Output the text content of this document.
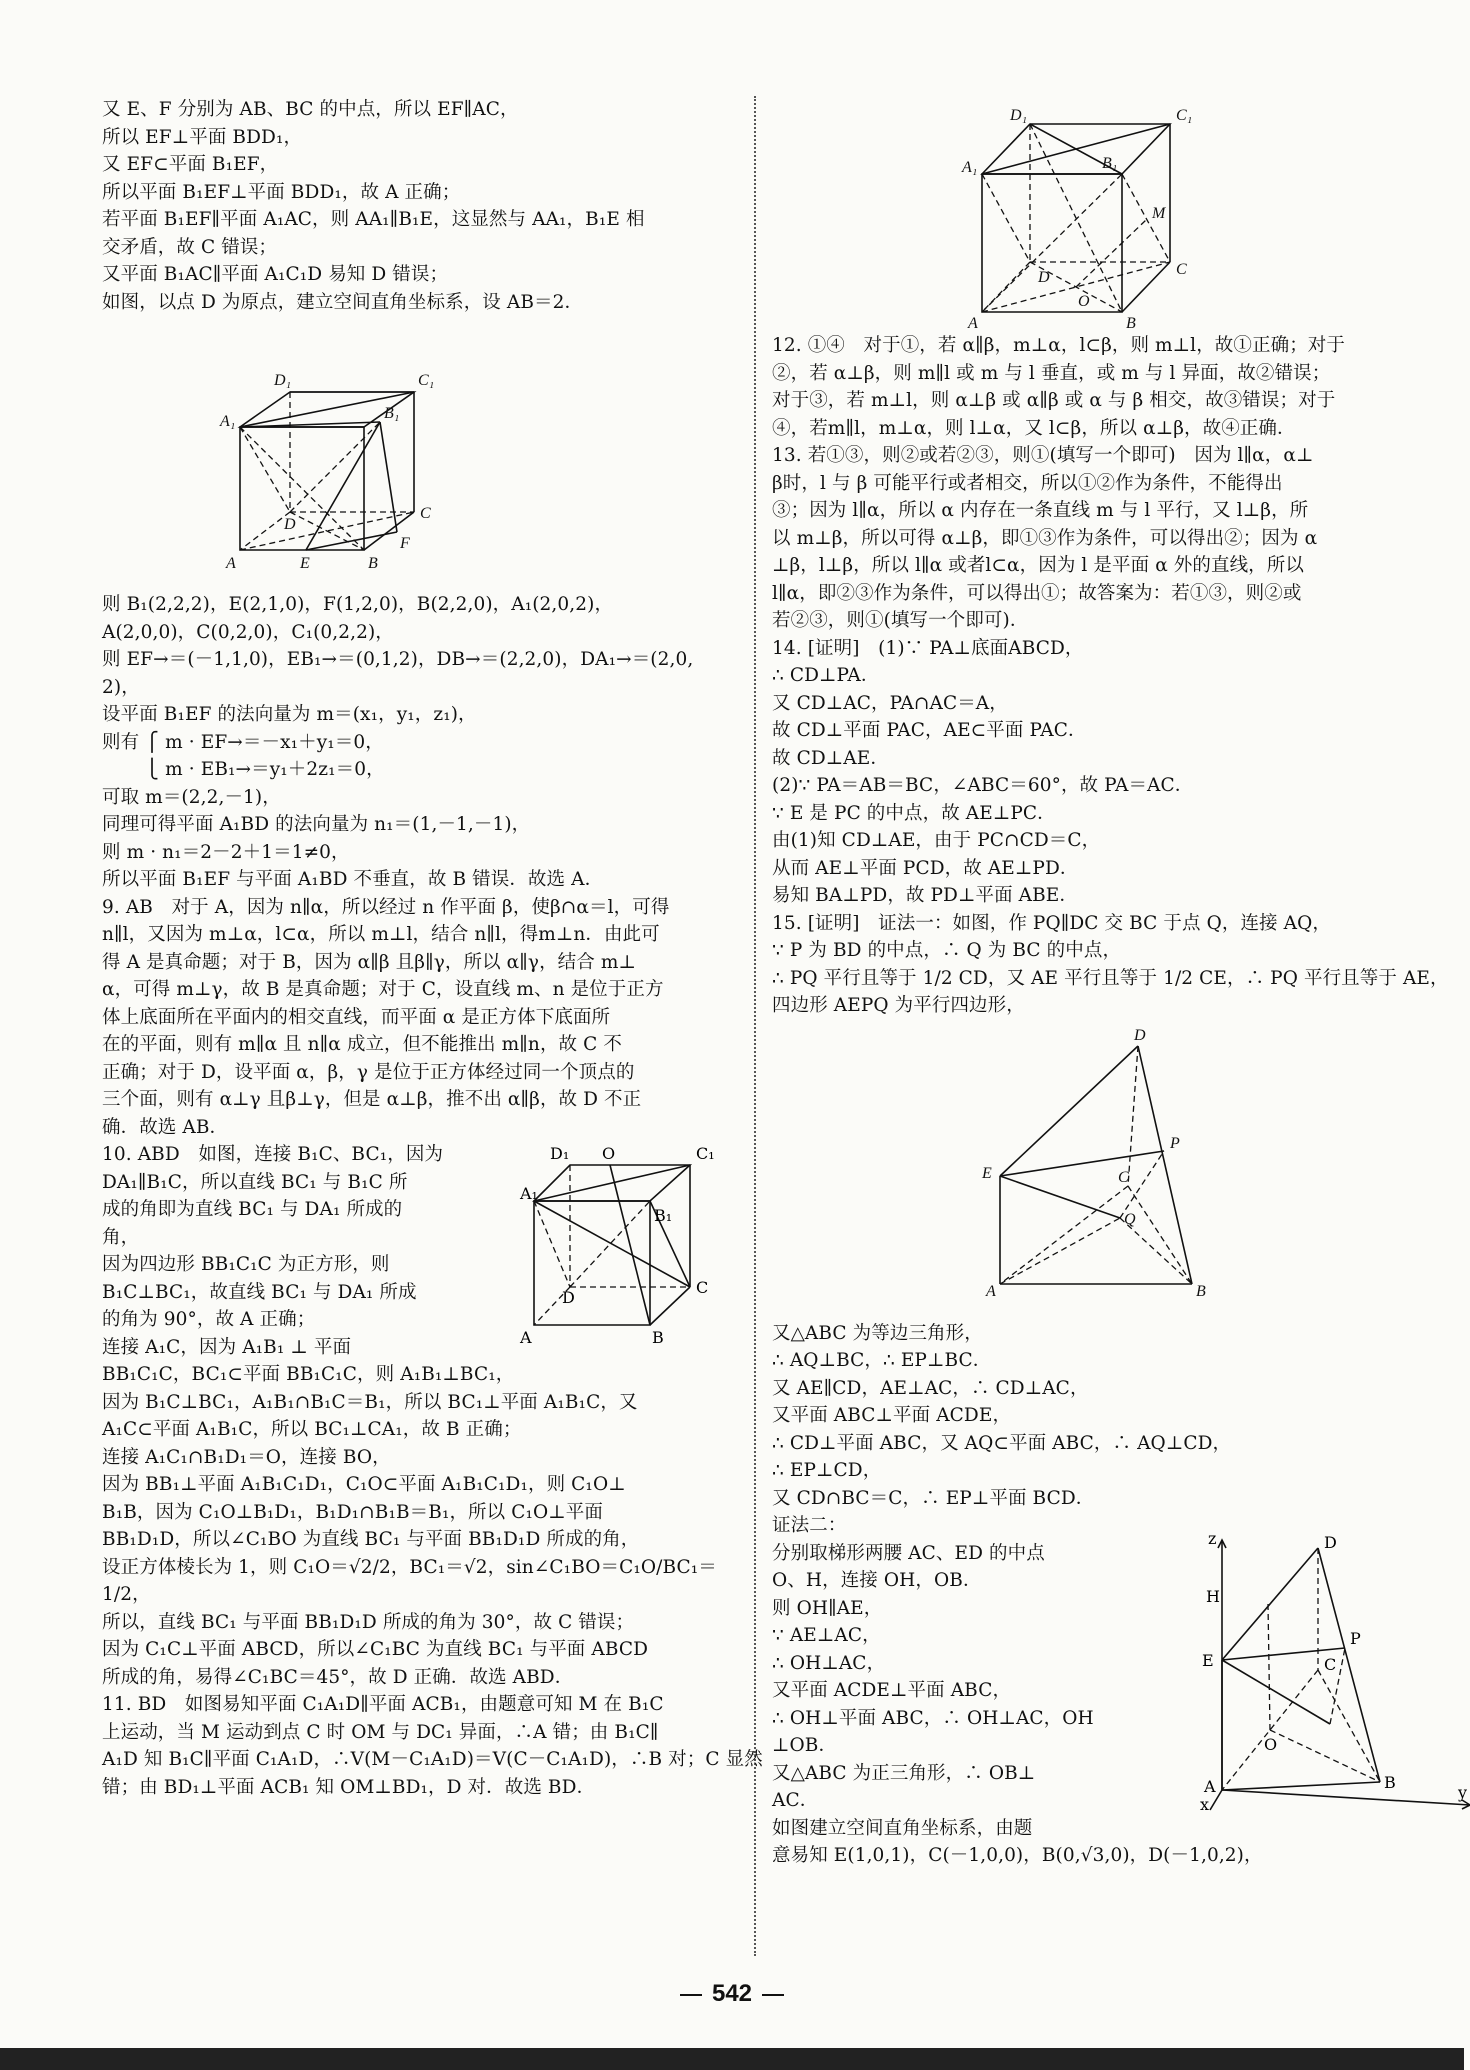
又 E、F 分别为 AB、BC 的中点，所以 EF∥AC，
所以 EF⊥平面 BDD₁，
又 EF⊂平面 B₁EF，
所以平面 B₁EF⊥平面 BDD₁，故 A 正确；
若平面 B₁EF∥平面 A₁AC，则 AA₁∥B₁E，这显然与 AA₁，B₁E 相
交矛盾，故 C 错误；
又平面 B₁AC∥平面 A₁C₁D 易知 D 错误；
如图，以点 D 为原点，建立空间直角坐标系，设 AB＝2．
D₁	C₁
A₁	B₁
D
C
A	E	B
F
则 B₁(2,2,2)，E(2,1,0)，F(1,2,0)，B(2,2,0)，A₁(2,0,2)，
A(2,0,0)，C(0,2,0)，C₁(0,2,2)，
则 EF→＝(－1,1,0)，EB₁→＝(0,1,2)，DB→＝(2,2,0)，DA₁→＝(2,0,
2)，
设平面 B₁EF 的法向量为 m＝(x₁，y₁，z₁)，
则有 ⎧ m · EF→＝－x₁＋y₁＝0，
　　 ⎩ m · EB₁→＝y₁＋2z₁＝0，
可取 m＝(2,2,－1)，
同理可得平面 A₁BD 的法向量为 n₁＝(1,－1,－1)，
则 m · n₁＝2－2＋1＝1≠0，
所以平面 B₁EF 与平面 A₁BD 不垂直，故 B 错误．故选 A．
9. AB　对于 A，因为 n∥α，所以经过 n 作平面 β，使β∩α＝l，可得
n∥l，又因为 m⊥α，l⊂α，所以 m⊥l，结合 n∥l，得m⊥n．由此可
得 A 是真命题；对于 B，因为 α∥β 且β∥γ，所以 α∥γ，结合 m⊥
α，可得 m⊥γ，故 B 是真命题；对于 C，设直线 m、n 是位于正方
体上底面所在平面内的相交直线，而平面 α 是正方体下底面所
在的平面，则有 m∥α 且 n∥α 成立，但不能推出 m∥n，故 C 不
正确；对于 D，设平面 α，β，γ 是位于正方体经过同一个顶点的
三个面，则有 α⊥γ 且β⊥γ，但是 α⊥β，推不出 α∥β，故 D 不正
确．故选 AB．
D₁ O	C₁
A₁
B₁
D
C
A	B
10. ABD　如图，连接 B₁C、BC₁，因为
DA₁∥B₁C，所以直线 BC₁ 与 B₁C 所
成的角即为直线 BC₁ 与 DA₁ 所成的
角，
因为四边形 BB₁C₁C 为正方形，则
B₁C⊥BC₁，故直线 BC₁ 与 DA₁ 所成
的角为 90°，故 A 正确；
连接 A₁C，因为 A₁B₁ ⊥ 平面
BB₁C₁C，BC₁⊂平面 BB₁C₁C，则 A₁B₁⊥BC₁，
因为 B₁C⊥BC₁，A₁B₁∩B₁C＝B₁，所以 BC₁⊥平面 A₁B₁C，又
A₁C⊂平面 A₁B₁C，所以 BC₁⊥CA₁，故 B 正确；
连接 A₁C₁∩B₁D₁＝O，连接 BO，
因为 BB₁⊥平面 A₁B₁C₁D₁，C₁O⊂平面 A₁B₁C₁D₁，则 C₁O⊥
B₁B，因为 C₁O⊥B₁D₁，B₁D₁∩B₁B＝B₁，所以 C₁O⊥平面
BB₁D₁D，所以∠C₁BO 为直线 BC₁ 与平面 BB₁D₁D 所成的角，
设正方体棱长为 1，则 C₁O＝√2/2，BC₁＝√2，sin∠C₁BO＝C₁O/BC₁＝
1/2，
所以，直线 BC₁ 与平面 BB₁D₁D 所成的角为 30°，故 C 错误；
因为 C₁C⊥平面 ABCD，所以∠C₁BC 为直线 BC₁ 与平面 ABCD
所成的角，易得∠C₁BC＝45°，故 D 正确．故选 ABD．
11. BD　如图易知平面 C₁A₁D∥平面 ACB₁，由题意可知 M 在 B₁C
上运动，当 M 运动到点 C 时 OM 与 DC₁ 异面，∴A 错；由 B₁C∥
A₁D 知 B₁C∥平面 C₁A₁D，∴V(M－C₁A₁D)＝V(C－C₁A₁D)，∴B 对；C 显然
错；由 BD₁⊥平面 ACB₁ 知 OM⊥BD₁，D 对．故选 BD．
D₁	C₁
A₁	B₁
M
D
O
C
A	B
12. ①④　对于①，若 α∥β，m⊥α，l⊂β，则 m⊥l，故①正确；对于
②，若 α⊥β，则 m∥l 或 m 与 l 垂直，或 m 与 l 异面，故②错误；
对于③，若 m⊥l，则 α⊥β 或 α∥β 或 α 与 β 相交，故③错误；对于
④，若m∥l，m⊥α，则 l⊥α，又 l⊂β，所以 α⊥β，故④正确．
13. 若①③，则②或若②③，则①(填写一个即可)　因为 l∥α，α⊥
β时，l 与 β 可能平行或者相交，所以①②作为条件，不能得出
③；因为 l∥α，所以 α 内存在一条直线 m 与 l 平行，又 l⊥β，所
以 m⊥β，所以可得 α⊥β，即①③作为条件，可以得出②；因为 α
⊥β，l⊥β，所以 l∥α 或者l⊂α，因为 l 是平面 α 外的直线，所以
l∥α，即②③作为条件，可以得出①；故答案为：若①③，则②或
若②③，则①(填写一个即可)．
14. [证明]　(1)∵ PA⊥底面ABCD，
∴ CD⊥PA．
又 CD⊥AC，PA∩AC＝A，
故 CD⊥平面 PAC，AE⊂平面 PAC．
故 CD⊥AE．
(2)∵ PA＝AB＝BC，∠ABC＝60°，故 PA＝AC．
∵ E 是 PC 的中点，故 AE⊥PC．
由(1)知 CD⊥AE，由于 PC∩CD＝C，
从而 AE⊥平面 PCD，故 AE⊥PD．
易知 BA⊥PD，故 PD⊥平面 ABE．
15. [证明]　证法一：如图，作 PQ∥DC 交 BC 于点 Q，连接 AQ，
∵ P 为 BD 的中点，∴ Q 为 BC 的中点，
∴ PQ 平行且等于 1/2 CD，又 AE 平行且等于 1/2 CE，∴ PQ 平行且等于 AE，
四边形 AEPQ 为平行四边形，
D
P
E	C
Q
A	B
又△ABC 为等边三角形，
∴ AQ⊥BC，∴ EP⊥BC．
又 AE∥CD，AE⊥AC，∴ CD⊥AC，
又平面 ABC⊥平面 ACDE，
∴ CD⊥平面 ABC，又 AQ⊂平面 ABC，∴ AQ⊥CD，
∴ EP⊥CD，
又 CD∩BC＝C，∴ EP⊥平面 BCD．
证法二：
z	D
H
P
E	C
O
A	B
x
y
分别取梯形两腰 AC、ED 的中点
O、H，连接 OH，OB．
则 OH∥AE，
∵ AE⊥AC，
∴ OH⊥AC，
又平面 ACDE⊥平面 ABC，
∴ OH⊥平面 ABC，∴ OH⊥AC，OH
⊥OB．
又△ABC 为正三角形，∴ OB⊥
AC．
如图建立空间直角坐标系，由题
意易知 E(1,0,1)，C(－1,0,0)，B(0,√3,0)，D(－1,0,2)，
542
